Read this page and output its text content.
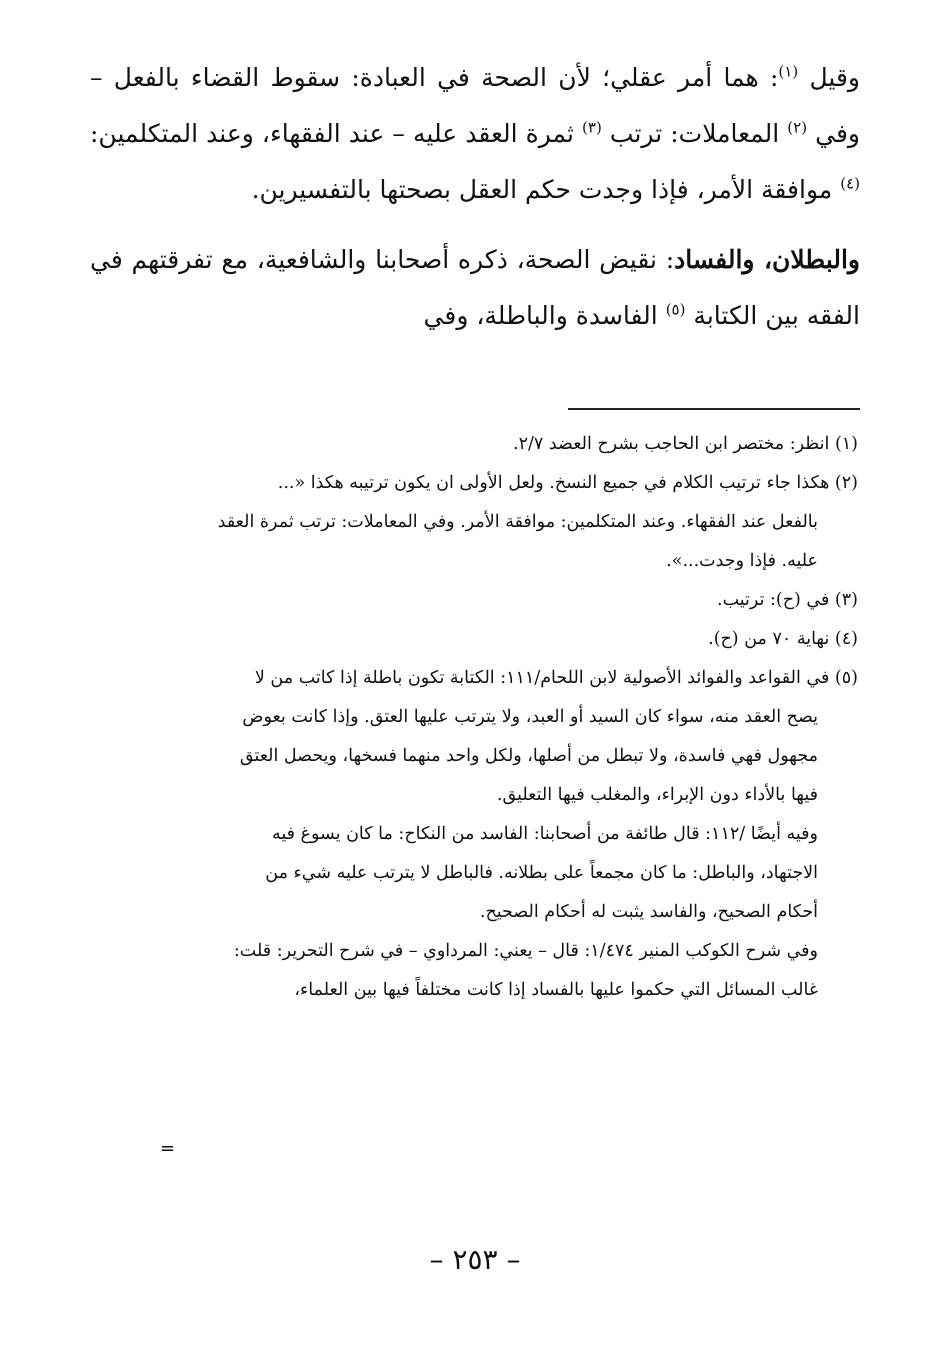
وقيل $^{(١)}$: هما أمر عقلي؛ لأن الصحة في العبادة: سقوط القضاء بالفعل – وفي $^{(٢)}$ المعاملات: ترتب $^{(٣)}$ ثمرة العقد عليه – عند الفقهاء، وعند المتكلمين: $^{(٤)}$ موافقة الأمر، فإذا وجدت حكم العقل بصحتها بالتفسيرين.

والبطلان، والفساد: نقيض الصحة، ذكره أصحابنا والشافعية، مع تفرقتهم في الفقه بين الكتابة $^{(٥)}$ الفاسدة والباطلة، وفي

(١) انظر: مختصر ابن الحاجب بشرح العضد ٢/٧.
(٢) هكذا جاء ترتيب الكلام في جميع النسخ. ولعل الأولى ان يكون ترتيبه هكذا «...
بالفعل عند الفقهاء. وعند المتكلمين: موافقة الأمر. وفي المعاملات: ترتب ثمرة العقد
عليه. فإذا وجدت...».
(٣) في (ح): ترتيب.
(٤) نهاية ٧٠ من (ح).
(٥) في القواعد والفوائد الأصولية لابن اللحام/١١١: الكتابة تكون باطلة إذا كاتب من لا
يصح العقد منه، سواء كان السيد أو العبد، ولا يترتب عليها العتق. وإذا كانت بعوض
مجهول فهي فاسدة، ولا تبطل من أصلها، ولكل واحد منهما فسخها، ويحصل العتق
فيها بالأداء دون الإبراء، والمغلب فيها التعليق.
وفيه أيضًا /١١٢: قال طائفة من أصحابنا: الفاسد من النكاح: ما كان يسوغ فيه
الاجتهاد، والباطل: ما كان مجمعاً على بطلانه. فالباطل لا يترتب عليه شيء من
أحكام الصحيح، والفاسد يثبت له أحكام الصحيح.
وفي شرح الكوكب المنير ١/٤٧٤: قال – يعني: المرداوي – في شرح التحرير: قلت:
غالب المسائل التي حكموا عليها بالفساد إذا كانت مختلفاً فيها بين العلماء،
=
– ٢٥٣ –
